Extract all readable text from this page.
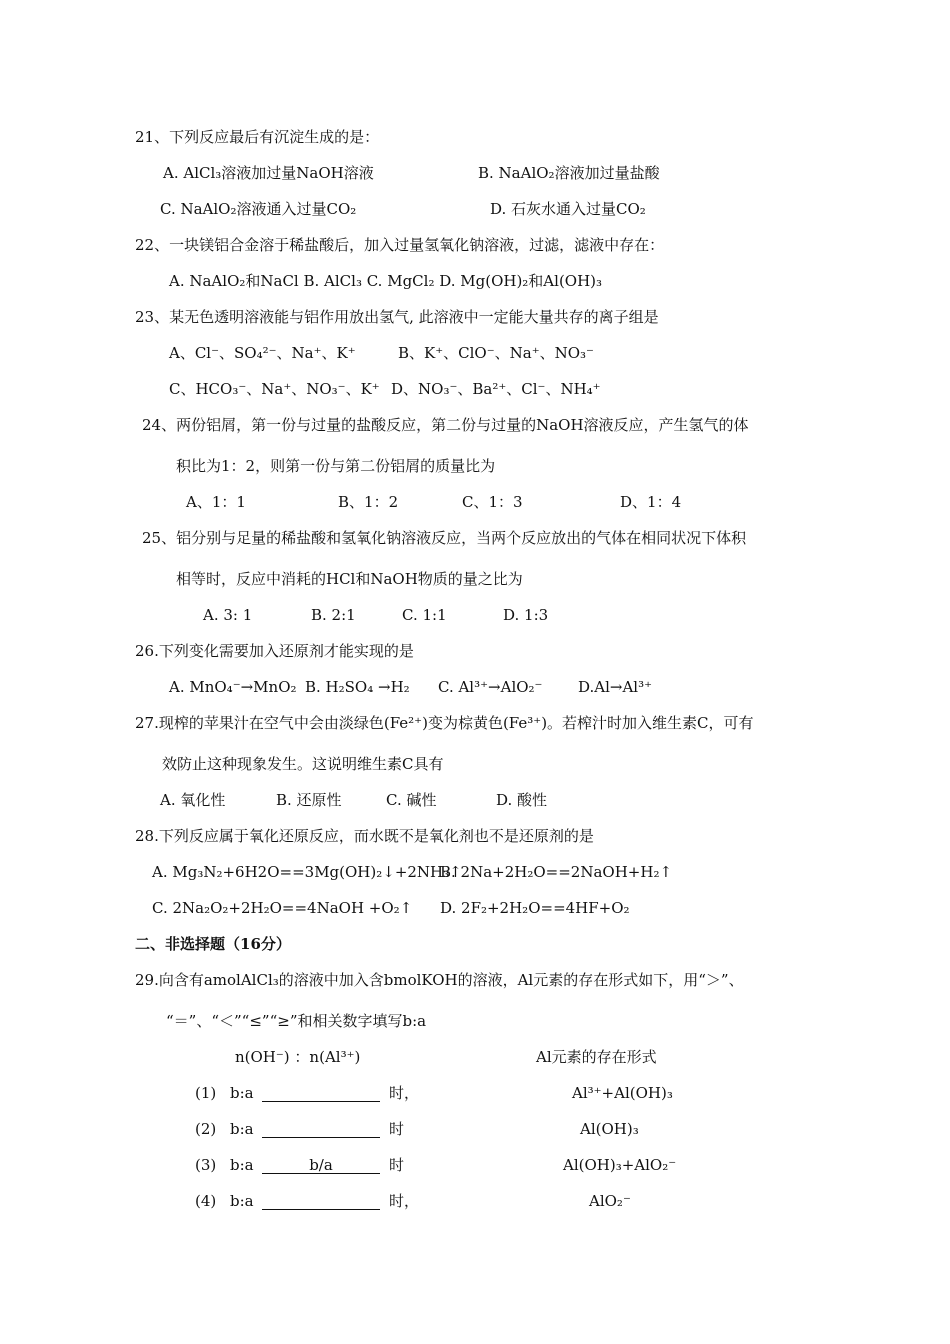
21、下列反应最后有沉淀生成的是：
A. AlCl₃溶液加过量NaOH溶液	B. NaAlO₂溶液加过量盐酸
C. NaAlO₂溶液通入过量CO₂	D. 石灰水通入过量CO₂
22、一块镁铝合金溶于稀盐酸后，加入过量氢氧化钠溶液，过滤，滤液中存在：
A. NaAlO₂和NaCl B. AlCl₃ C. MgCl₂ D. Mg(OH)₂和Al(OH)₃
23、某无色透明溶液能与铝作用放出氢气, 此溶液中一定能大量共存的离子组是
A、Cl⁻、SO₄²⁻、Na⁺、K⁺	B、K⁺、ClO⁻、Na⁺、NO₃⁻
C、HCO₃⁻、Na⁺、NO₃⁻、K⁺ D、NO₃⁻、Ba²⁺、Cl⁻、NH₄⁺
24、两份铝屑，第一份与过量的盐酸反应，第二份与过量的NaOH溶液反应，产生氢气的体
积比为1：2，则第一份与第二份铝屑的质量比为
A、1：1	B、1：2	C、1：3	D、1：4
25、铝分别与足量的稀盐酸和氢氧化钠溶液反应，当两个反应放出的气体在相同状况下体积
相等时，反应中消耗的HCl和NaOH物质的量之比为
A. 3: 1	B. 2:1	C. 1:1	D. 1:3
26.下列变化需要加入还原剂才能实现的是
A. MnO₄⁻→MnO₂ B. H₂SO₄ →H₂ C. Al³⁺→AlO₂⁻ D.Al→Al³⁺
27.现榨的苹果汁在空气中会由淡绿色(Fe²⁺)变为棕黄色(Fe³⁺)。若榨汁时加入维生素C，可有
效防止这种现象发生。这说明维生素C具有
A. 氧化性	B. 还原性	C. 碱性	D. 酸性
28.下列反应属于氧化还原反应，而水既不是氧化剂也不是还原剂的是
A. Mg₃N₂+6H2O==3Mg(OH)₂↓+2NH₃↑
B. 2Na+2H₂O==2NaOH+H₂↑
C. 2Na₂O₂+2H₂O==4NaOH +O₂↑ D. 2F₂+2H₂O==4HF+O₂
二、非选择题（16分）
29.向含有amolAlCl₃的溶液中加入含bmolKOH的溶液，Al元素的存在形式如下，用“＞”、
“＝”、“＜”“≤”“≥”和相关数字填写b:a
n(OH⁻) ：n(Al³⁺)	Al元素的存在形式
(1) b:a	时，	Al³⁺+Al(OH)₃
(2) b:a	时	Al(OH)₃
(3) b:a	b/a	时	Al(OH)₃+AlO₂⁻
(4) b:a	时，	AlO₂⁻
